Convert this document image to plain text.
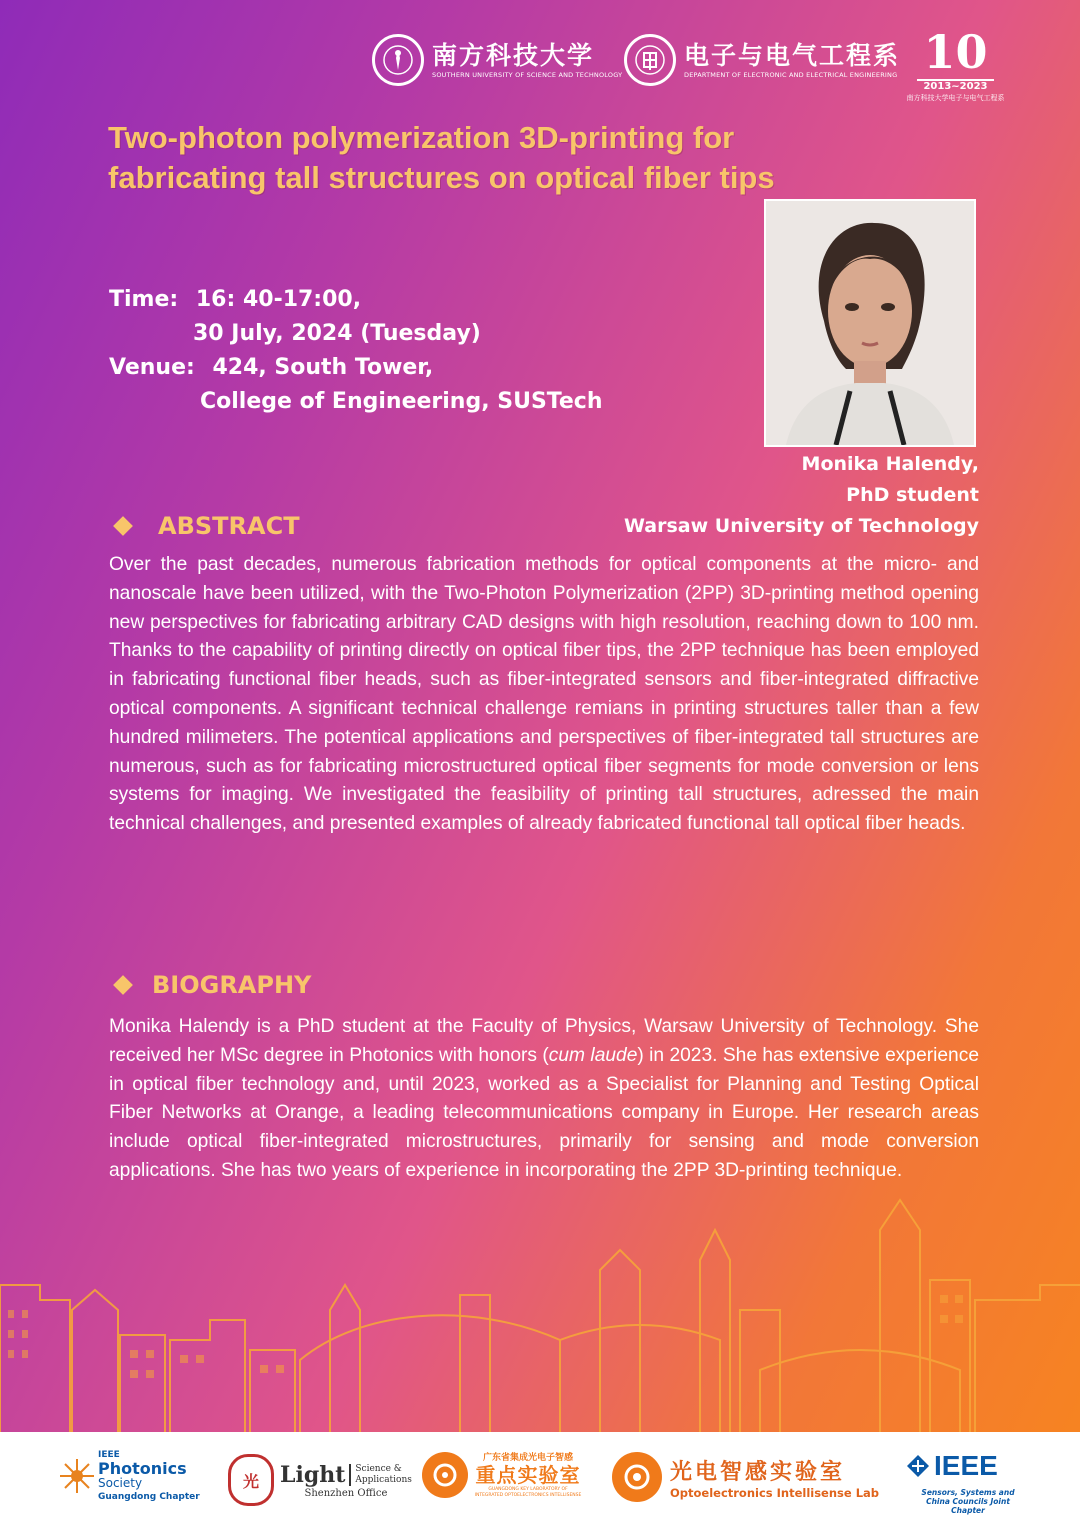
南方科技大学
SOUTHERN UNIVERSITY OF SCIENCE AND TECHNOLOGY
电子与电气工程系
DEPARTMENT OF ELECTRONIC AND ELECTRICAL ENGINEERING 10
2013~2023
南方科技大学电子与电气工程系
Two-photon polymerization 3D-printing for
fabricating tall structures on optical fiber tips
Time: 16: 40-17:00,
30 July, 2024 (Tuesday)
Venue: 424, South Tower,
College of Engineering, SUSTech
Monika Halendy,
PhD student
Warsaw University of Technology
ABSTRACT
Over the past decades, numerous fabrication methods for optical components at the micro- and nanoscale have been utilized, with the Two-Photon Polymerization (2PP) 3D-printing method opening new perspectives for fabricating arbitrary CAD designs with high resolution, reaching down to 100 nm. Thanks to the capability of printing directly on optical fiber tips, the 2PP technique has been employed in fabricating functional fiber heads, such as fiber-integrated sensors and fiber-integrated diffractive optical components. A significant technical challenge remians in printing structures taller than a few hundred milimeters. The potentical applications and perspectives of fiber-integrated tall structures are numerous, such as for fabricating microstructured optical fiber segments for mode conversion or lens systems for imaging. We investigated the feasibility of printing tall structures, adressed the main technical challenges, and presented examples of already fabricated functional tall optical fiber heads.
BIOGRAPHY
Monika Halendy is a PhD student at the Faculty of Physics, Warsaw University of Technology. She received her MSc degree in Photonics with honors (cum laude) in 2023. She has extensive experience in optical fiber technology and, until 2023, worked as a Specialist for Planning and Testing Optical Fiber Networks at Orange, a leading telecommunications company in Europe. Her research areas include optical fiber-integrated microstructures, primarily for sensing and mode conversion applications. She has two years of experience in incorporating the 2PP 3D-printing technique.
IEEE
Photonics
Society
Guangdong Chapter
光 Light Science &
Applications
Shenzhen Office
广东省集成光电子智感
重点实验室
GUANGDONG KEY LABORATORY OF INTEGRATED OPTOELECTRONICS INTELLISENSE
光电智感实验室
Optoelectronics Intellisense Lab
IEEE
Sensors, Systems and
China Councils Joint Chapter
